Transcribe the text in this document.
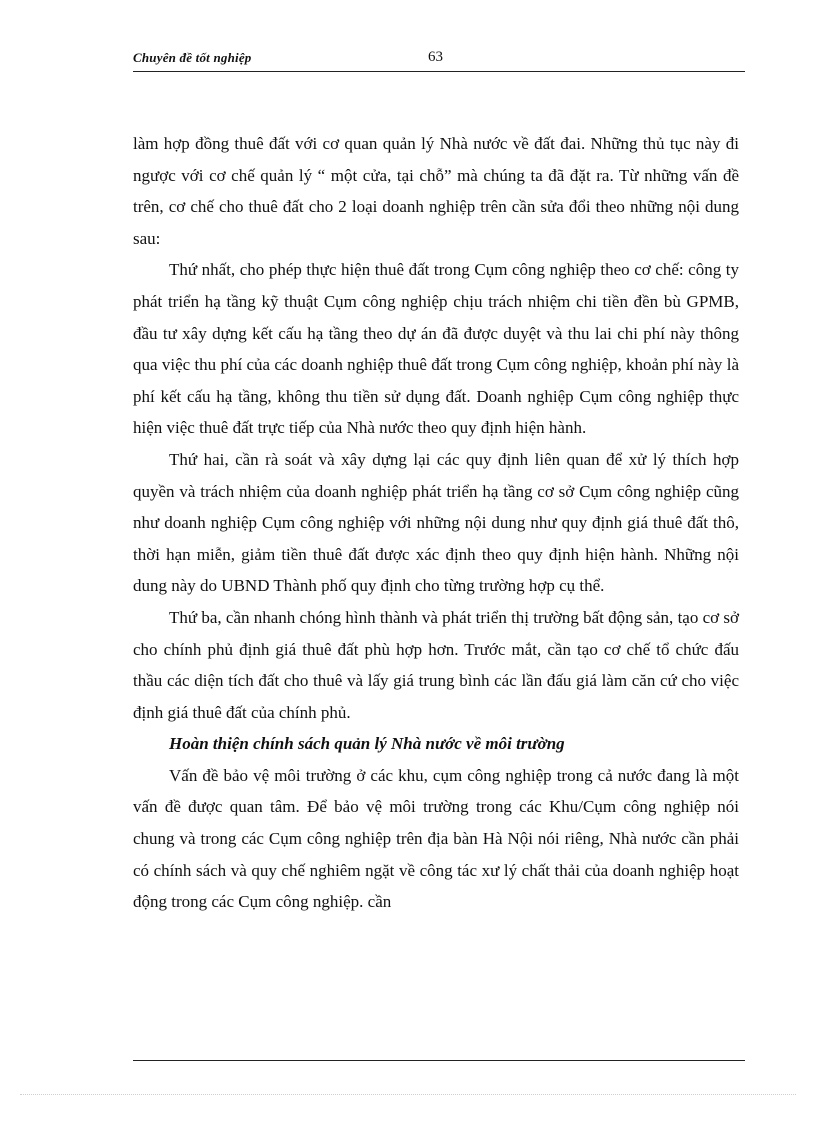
Chuyên đề tốt nghiệp	63

làm hợp đồng thuê đất với cơ quan quản lý Nhà nước về đất đai. Những thủ tục này đi ngược với cơ chế quản lý “ một cửa, tại chỗ” mà chúng ta đã đặt ra. Từ những vấn đề trên, cơ chế cho thuê đất cho 2 loại doanh nghiệp trên cần sửa đổi theo những nội dung sau:

Thứ nhất, cho phép thực hiện thuê đất trong Cụm công nghiệp theo cơ chế: công ty phát triển hạ tầng kỹ thuật Cụm công nghiệp chịu trách nhiệm chi tiền đền bù GPMB, đầu tư xây dựng kết cấu hạ tầng theo dự án đã được duyệt và thu lai chi phí này thông qua việc thu phí của các doanh nghiệp thuê đất trong Cụm công nghiệp, khoản phí này là phí kết cấu hạ tầng, không thu tiền sử dụng đất. Doanh nghiệp Cụm công nghiệp thực hiện việc thuê đất trực tiếp của Nhà nước theo quy định hiện hành.

Thứ hai, cần rà soát và xây dựng lại các quy định liên quan để xử lý thích hợp quyền và trách nhiệm của doanh nghiệp phát triển hạ tầng cơ sở Cụm công nghiệp cũng như doanh nghiệp Cụm công nghiệp với những nội dung như quy định giá thuê đất thô, thời hạn miễn, giảm tiền thuê đất được xác định theo quy định hiện hành. Những nội dung này do UBND Thành phố quy định cho từng trường hợp cụ thể.

Thứ ba, cần nhanh chóng hình thành và phát triển thị trường bất động sản, tạo cơ sở cho chính phủ định giá thuê đất phù hợp hơn. Trước mắt, cần tạo cơ chế tổ chức đấu thầu các diện tích đất cho thuê và lấy giá trung bình các lần đấu giá làm căn cứ cho việc định giá thuê đất của chính phủ.

Hoàn thiện chính sách quản lý Nhà nước về môi trường

Vấn đề bảo vệ môi trường ở các khu, cụm công nghiệp trong cả nước đang là một vấn đề được quan tâm. Để bảo vệ môi trường trong các Khu/Cụm công nghiệp nói chung và trong các Cụm công nghiệp trên địa bàn Hà Nội nói riêng, Nhà nước cần phải có chính sách và quy chế nghiêm ngặt về công tác xư lý chất thải của doanh nghiệp hoạt động trong các Cụm công nghiệp. cần
